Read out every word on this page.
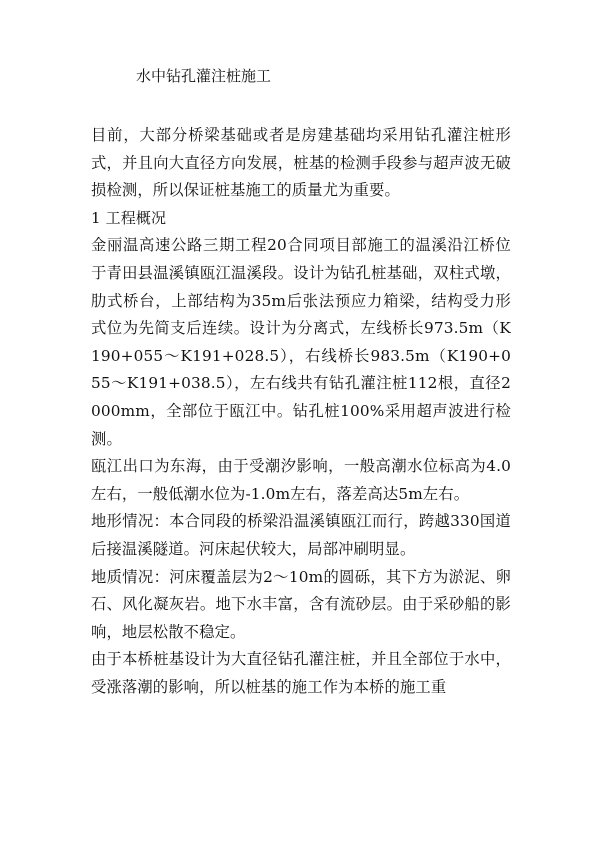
水中钻孔灌注桩施工

目前，大部分桥梁基础或者是房建基础均采用钻孔灌注桩形式，并且向大直径方向发展，桩基的检测手段参与超声波无破损检测，所以保证桩基施工的质量尤为重要。

1 工程概况

金丽温高速公路三期工程20合同项目部施工的温溪沿江桥位于青田县温溪镇瓯江温溪段。设计为钻孔桩基础，双柱式墩，肋式桥台，上部结构为35m后张法预应力箱梁，结构受力形式位为先简支后连续。设计为分离式，左线桥长973.5m（K190+055～K191+028.5），右线桥长983.5m（K190+055～K191+038.5），左右线共有钻孔灌注桩112根，直径2000mm，全部位于瓯江中。钻孔桩100%采用超声波进行检测。

瓯江出口为东海，由于受潮汐影响，一般高潮水位标高为4.0左右，一般低潮水位为-1.0m左右，落差高达5m左右。

地形情况：本合同段的桥梁沿温溪镇瓯江而行，跨越330国道后接温溪隧道。河床起伏较大，局部冲刷明显。

地质情况：河床覆盖层为2～10m的圆砾，其下方为淤泥、卵石、风化凝灰岩。地下水丰富，含有流砂层。由于采砂船的影响，地层松散不稳定。

由于本桥桩基设计为大直径钻孔灌注桩，并且全部位于水中，受涨落潮的影响，所以桩基的施工作为本桥的施工重
